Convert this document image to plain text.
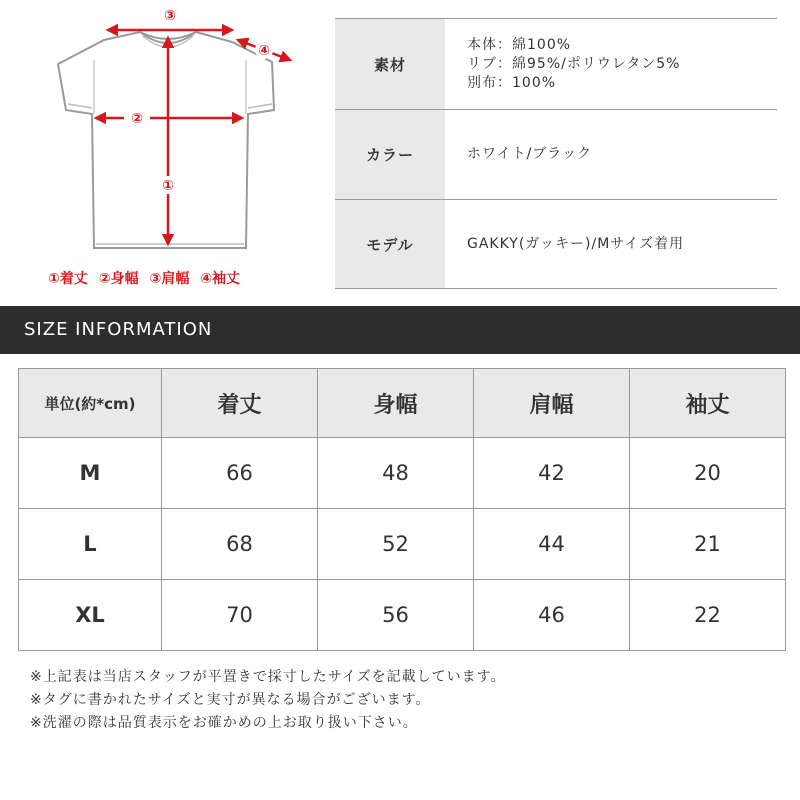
③
②
①
④
①着丈 ②身幅 ③肩幅 ④袖丈
素材
本体：綿100%
リブ：綿95%/ポリウレタン5%
別布：100%
カラー	ホワイト/ブラック
モデル	GAKKY(ガッキー)/Mサイズ着用
SIZE INFORMATION
単位(約*cm)	着丈	身幅	肩幅	袖丈
M	66	48	42	20
L	68	52	44	21
XL	70	56	46	22
※上記表は当店スタッフが平置きで採寸したサイズを記載しています。
※タグに書かれたサイズと実寸が異なる場合がございます。
※洗濯の際は品質表示をお確かめの上お取り扱い下さい。
